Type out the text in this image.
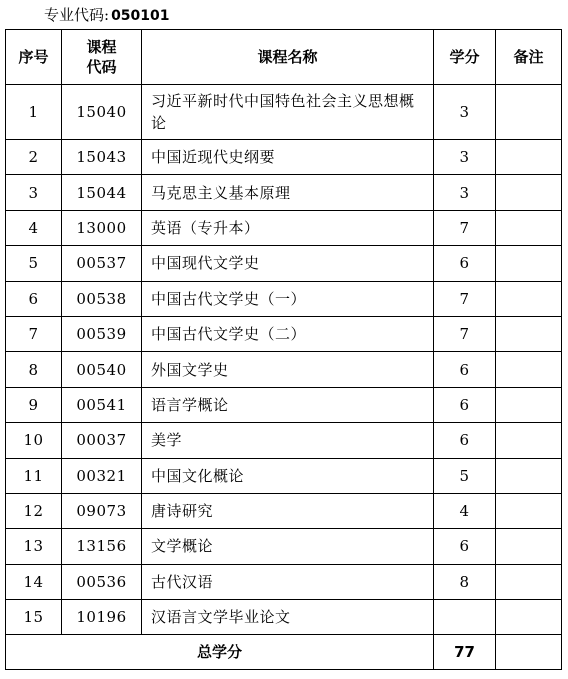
专业代码: 050101
序号	课程代码	课程名称	学分	备注
1	15040	习近平新时代中国特色社会主义思想概论	3	
2	15043	中国近现代史纲要	3	
3	15044	马克思主义基本原理	3	
4	13000	英语（专升本）	7	
5	00537	中国现代文学史	6	
6	00538	中国古代文学史（一）	7	
7	00539	中国古代文学史（二）	7	
8	00540	外国文学史	6	
9	00541	语言学概论	6	
10	00037	美学	6	
11	00321	中国文化概论	5	
12	09073	唐诗研究	4	
13	13156	文学概论	6	
14	00536	古代汉语	8	
15	10196	汉语言文学毕业论文		
总学分			77	
